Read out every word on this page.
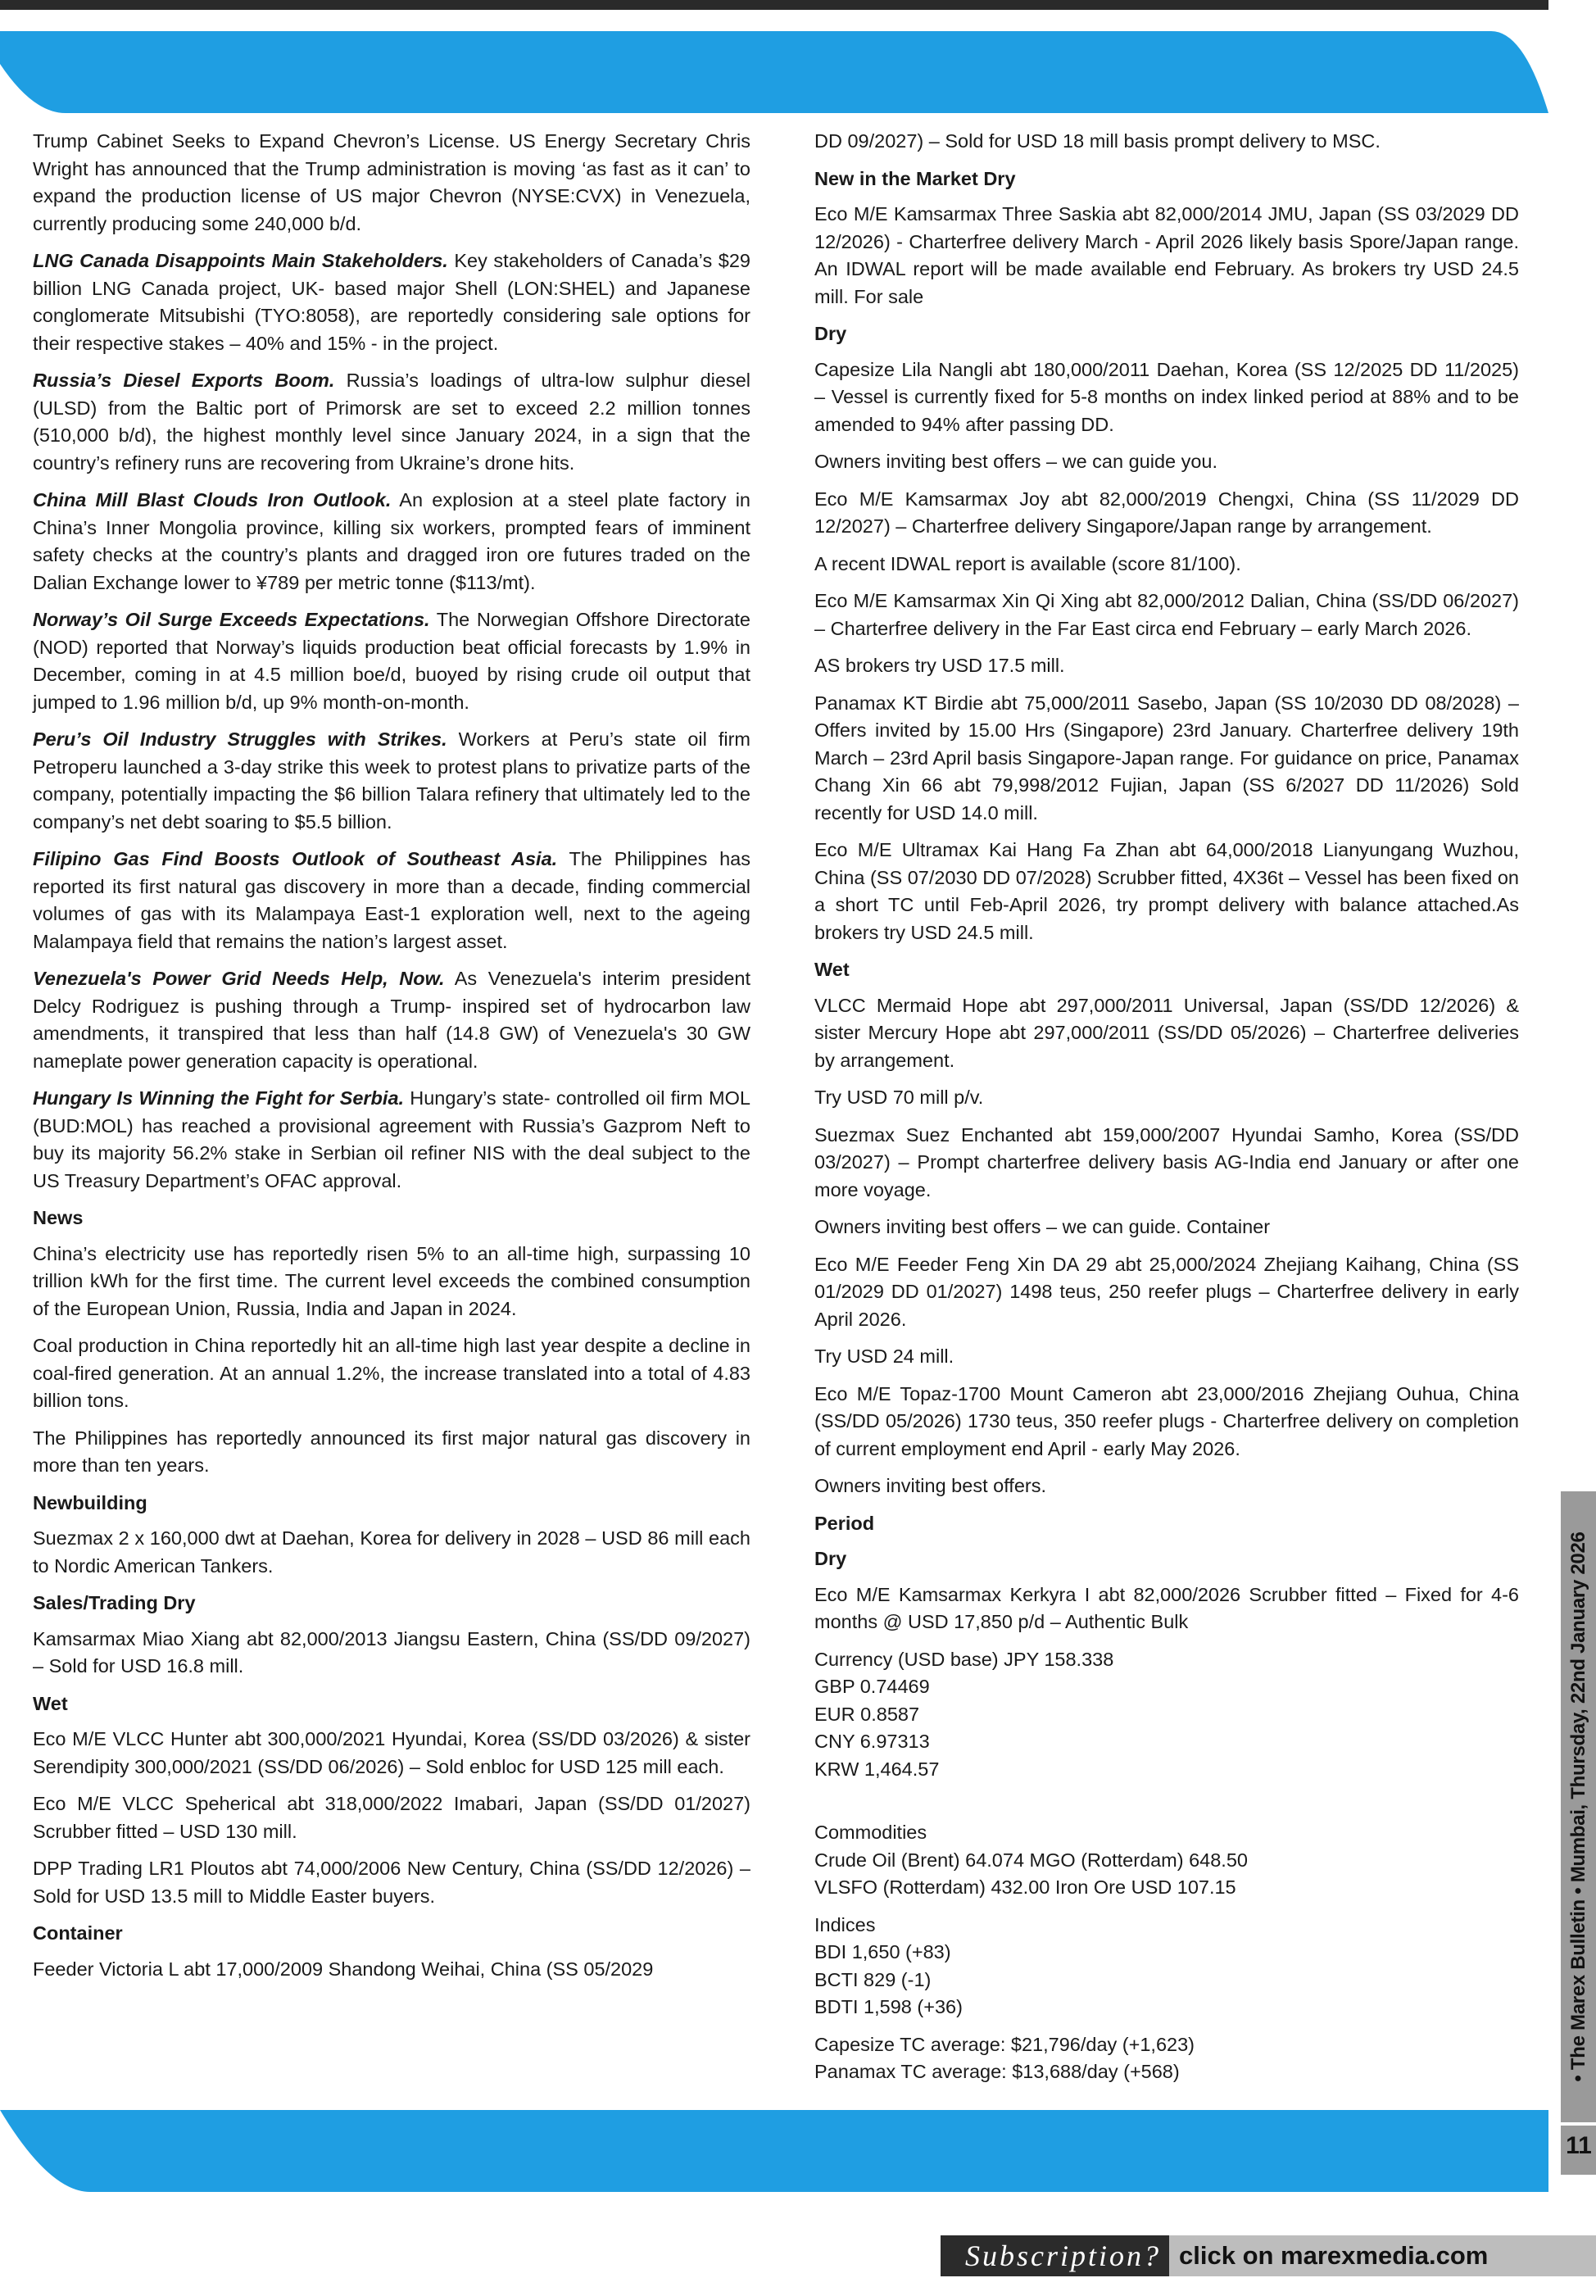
Trump Cabinet Seeks to Expand Chevron’s License. US Energy Secretary Chris Wright has announced that the Trump administration is moving ‘as fast as it can’ to expand the production license of US major Chevron (NYSE:CVX) in Venezuela, currently producing some 240,000 b/d.

LNG Canada Disappoints Main Stakeholders. Key stakeholders of Canada’s $29 billion LNG Canada project, UK- based major Shell (LON:SHEL) and Japanese conglomerate Mitsubishi (TYO:8058), are reportedly considering sale options for their respective stakes – 40% and 15% - in the project.

Russia’s Diesel Exports Boom. Russia’s loadings of ultra-low sulphur diesel (ULSD) from the Baltic port of Primorsk are set to exceed 2.2 million tonnes (510,000 b/d), the highest monthly level since January 2024, in a sign that the country’s refinery runs are recovering from Ukraine’s drone hits.

China Mill Blast Clouds Iron Outlook. An explosion at a steel plate factory in China’s Inner Mongolia province, killing six workers, prompted fears of imminent safety checks at the country’s plants and dragged iron ore futures traded on the Dalian Exchange lower to ¥789 per metric tonne ($113/mt).

Norway’s Oil Surge Exceeds Expectations. The Norwegian Offshore Directorate (NOD) reported that Norway’s liquids production beat official forecasts by 1.9% in December, coming in at 4.5 million boe/d, buoyed by rising crude oil output that jumped to 1.96 million b/d, up 9% month-on-month.

Peru’s Oil Industry Struggles with Strikes. Workers at Peru’s state oil firm Petroperu launched a 3-day strike this week to protest plans to privatize parts of the company, potentially impacting the $6 billion Talara refinery that ultimately led to the company’s net debt soaring to $5.5 billion.

Filipino Gas Find Boosts Outlook of Southeast Asia. The Philippines has reported its first natural gas discovery in more than a decade, finding commercial volumes of gas with its Malampaya East-1 exploration well, next to the ageing Malampaya field that remains the nation’s largest asset.

Venezuela's Power Grid Needs Help, Now. As Venezuela's interim president Delcy Rodriguez is pushing through a Trump- inspired set of hydrocarbon law amendments, it transpired that less than half (14.8 GW) of Venezuela's 30 GW nameplate power generation capacity is operational.

Hungary Is Winning the Fight for Serbia. Hungary’s state- controlled oil firm MOL (BUD:MOL) has reached a provisional agreement with Russia’s Gazprom Neft to buy its majority 56.2% stake in Serbian oil refiner NIS with the deal subject to the US Treasury Department’s OFAC approval.

News

China’s electricity use has reportedly risen 5% to an all-time high, surpassing 10 trillion kWh for the first time. The current level exceeds the combined consumption of the European Union, Russia, India and Japan in 2024.

Coal production in China reportedly hit an all-time high last year despite a decline in coal-fired generation. At an annual 1.2%, the increase translated into a total of 4.83 billion tons.

The Philippines has reportedly announced its first major natural gas discovery in more than ten years.

Newbuilding

Suezmax 2 x 160,000 dwt at Daehan, Korea for delivery in 2028 – USD 86 mill each to Nordic American Tankers.

Sales/Trading Dry

Kamsarmax Miao Xiang abt 82,000/2013 Jiangsu Eastern, China (SS/DD 09/2027) – Sold for USD 16.8 mill.

Wet

Eco M/E VLCC Hunter abt 300,000/2021 Hyundai, Korea (SS/DD 03/2026) & sister Serendipity 300,000/2021 (SS/DD 06/2026) – Sold enbloc for USD 125 mill each.

Eco M/E VLCC Speherical abt 318,000/2022 Imabari, Japan (SS/DD 01/2027) Scrubber fitted – USD 130 mill.

DPP Trading LR1 Ploutos abt 74,000/2006 New Century, China (SS/DD 12/2026) – Sold for USD 13.5 mill to Middle Easter buyers.

Container

Feeder Victoria L abt 17,000/2009 Shandong Weihai, China (SS 05/2029

DD 09/2027) – Sold for USD 18 mill basis prompt delivery to MSC.

New in the Market Dry

Eco M/E Kamsarmax Three Saskia abt 82,000/2014 JMU, Japan (SS 03/2029 DD 12/2026) - Charterfree delivery March - April 2026 likely basis Spore/Japan range. An IDWAL report will be made available end February. As brokers try USD 24.5 mill. For sale

Dry

Capesize Lila Nangli abt 180,000/2011 Daehan, Korea (SS 12/2025 DD 11/2025) – Vessel is currently fixed for 5-8 months on index linked period at 88% and to be amended to 94% after passing DD.

Owners inviting best offers – we can guide you.

Eco M/E Kamsarmax Joy abt 82,000/2019 Chengxi, China (SS 11/2029 DD 12/2027) – Charterfree delivery Singapore/Japan range by arrangement.

A recent IDWAL report is available (score 81/100).

Eco M/E Kamsarmax Xin Qi Xing abt 82,000/2012 Dalian, China (SS/DD 06/2027) – Charterfree delivery in the Far East circa end February – early March 2026.

AS brokers try USD 17.5 mill.

Panamax KT Birdie abt 75,000/2011 Sasebo, Japan (SS 10/2030 DD 08/2028) – Offers invited by 15.00 Hrs (Singapore) 23rd January. Charterfree delivery 19th March – 23rd April basis Singapore-Japan range. For guidance on price, Panamax Chang Xin 66 abt 79,998/2012 Fujian, Japan (SS 6/2027 DD 11/2026) Sold recently for USD 14.0 mill.

Eco M/E Ultramax Kai Hang Fa Zhan abt 64,000/2018 Lianyungang Wuzhou, China (SS 07/2030 DD 07/2028) Scrubber fitted, 4X36t – Vessel has been fixed on a short TC until Feb-April 2026, try prompt delivery with balance attached.As brokers try USD 24.5 mill.

Wet

VLCC Mermaid Hope abt 297,000/2011 Universal, Japan (SS/DD 12/2026) & sister Mercury Hope abt 297,000/2011 (SS/DD 05/2026) – Charterfree deliveries by arrangement.

Try USD 70 mill p/v.

Suezmax Suez Enchanted abt 159,000/2007 Hyundai Samho, Korea (SS/DD 03/2027) – Prompt charterfree delivery basis AG-India end January or after one more voyage.

Owners inviting best offers – we can guide. Container

Eco M/E Feeder Feng Xin DA 29 abt 25,000/2024 Zhejiang Kaihang, China (SS 01/2029 DD 01/2027) 1498 teus, 250 reefer plugs – Charterfree delivery in early April 2026.

Try USD 24 mill.

Eco M/E Topaz-1700 Mount Cameron abt 23,000/2016 Zhejiang Ouhua, China (SS/DD 05/2026) 1730 teus, 350 reefer plugs - Charterfree delivery on completion of current employment end April - early May 2026.

Owners inviting best offers.

Period
Dry

Eco M/E Kamsarmax Kerkyra I abt 82,000/2026 Scrubber fitted – Fixed for 4-6 months @ USD 17,850 p/d – Authentic Bulk

Currency (USD base) JPY 158.338

GBP 0.74469

EUR 0.8587

CNY 6.97313

KRW 1,464.57

Commodities

Crude Oil (Brent) 64.074 MGO (Rotterdam) 648.50

VLSFO (Rotterdam) 432.00 Iron Ore USD 107.15

Indices

BDI 1,650 (+83)

BCTI 829 (-1)

BDTI 1,598 (+36)

Capesize TC average: $21,796/day (+1,623)

Panamax TC average: $13,688/day (+568)	• The Marex Bulletin • Mumbai, Thursday, 22nd January 2026
11
Subscription? click on marexmedia.com
